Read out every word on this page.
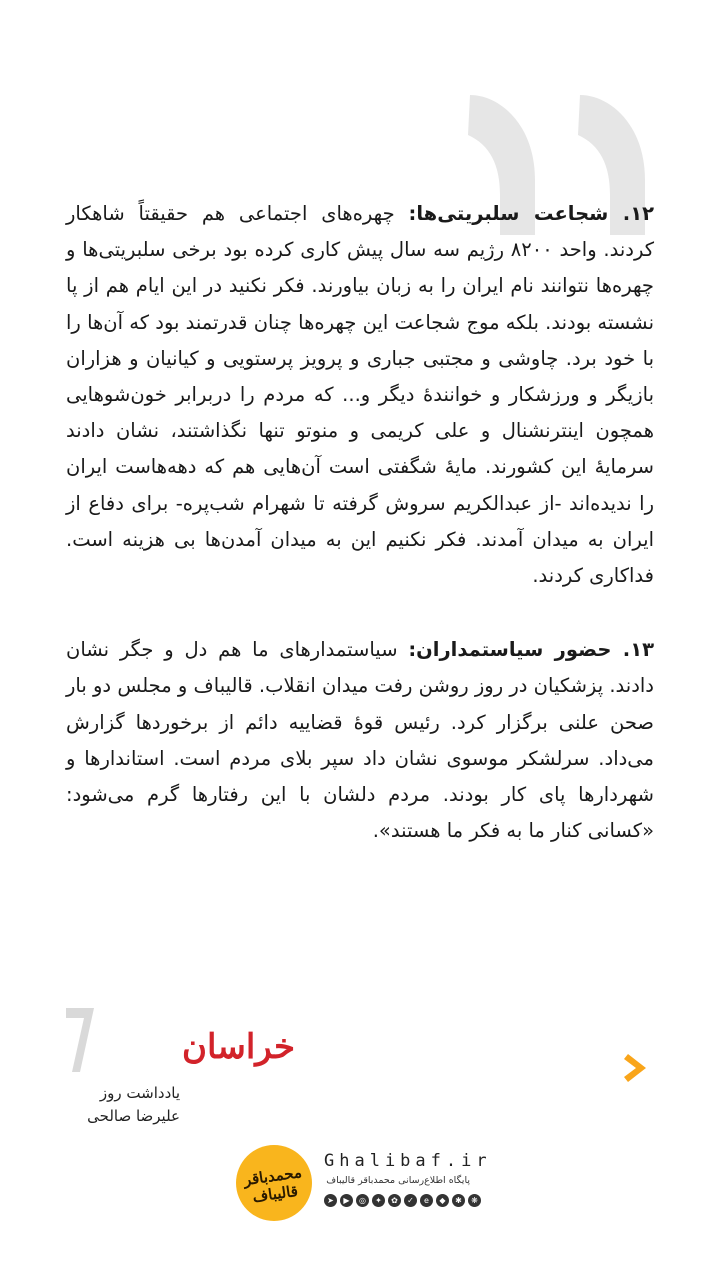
۱۲. شجاعت سلبریتی‌ها: چهره‌های اجتماعی هم حقیقتاً شاهکار کردند. واحد ۸۲۰۰ رژیم سه سال پیش کاری کرده بود برخی سلبریتی‌ها و چهره‌ها نتوانند نام ایران را به زبان بیاورند. فکر نکنید در این ایام هم از پا نشسته بودند. بلکه موج شجاعت این چهره‌ها چنان قدرتمند بود که آن‌ها را با خود برد. چاوشی و مجتبی جباری و پرویز پرستویی و کیانیان و هزاران بازیگر و ورزشکار و خوانندهٔ دیگر و... که مردم را دربرابر خون‌شوهایی همچون اینترنشنال و علی کریمی و منوتو تنها نگذاشتند، نشان دادند سرمایهٔ این کشورند. مایهٔ شگفتی است آن‌هایی هم که دهه‌هاست ایران را ندیده‌اند -از عبدالکریم سروش گرفته تا شهرام شب‌پره- برای دفاع از ایران به میدان آمدند. فکر نکنیم این به میدان آمدن‌ها بی هزینه است. فداکاری کردند.

۱۳. حضور سیاستمداران: سیاستمدارهای ما هم دل و جگر نشان دادند. پزشکیان در روز روشن رفت میدان انقلاب. قالیباف و مجلس دو بار صحن علنی برگزار کرد. رئیس قوهٔ قضاییه دائم از برخوردها گزارش می‌داد. سرلشکر موسوی نشان داد سپر بلای مردم است. استاندارها و شهردارها پای کار بودند. مردم دلشان با این رفتارها گرم می‌شود: «کسانی کنار ما به فکر ما هستند».

خراسان
یادداشت روز
علیرضا صالحی
محمدباقر قالیباف
Ghalibaf.ir
پایگاه اطلاع‌رسانی محمدباقر قالیباف
➤	▶	◎	✦	✿	✓	e	◆	✱	❋
